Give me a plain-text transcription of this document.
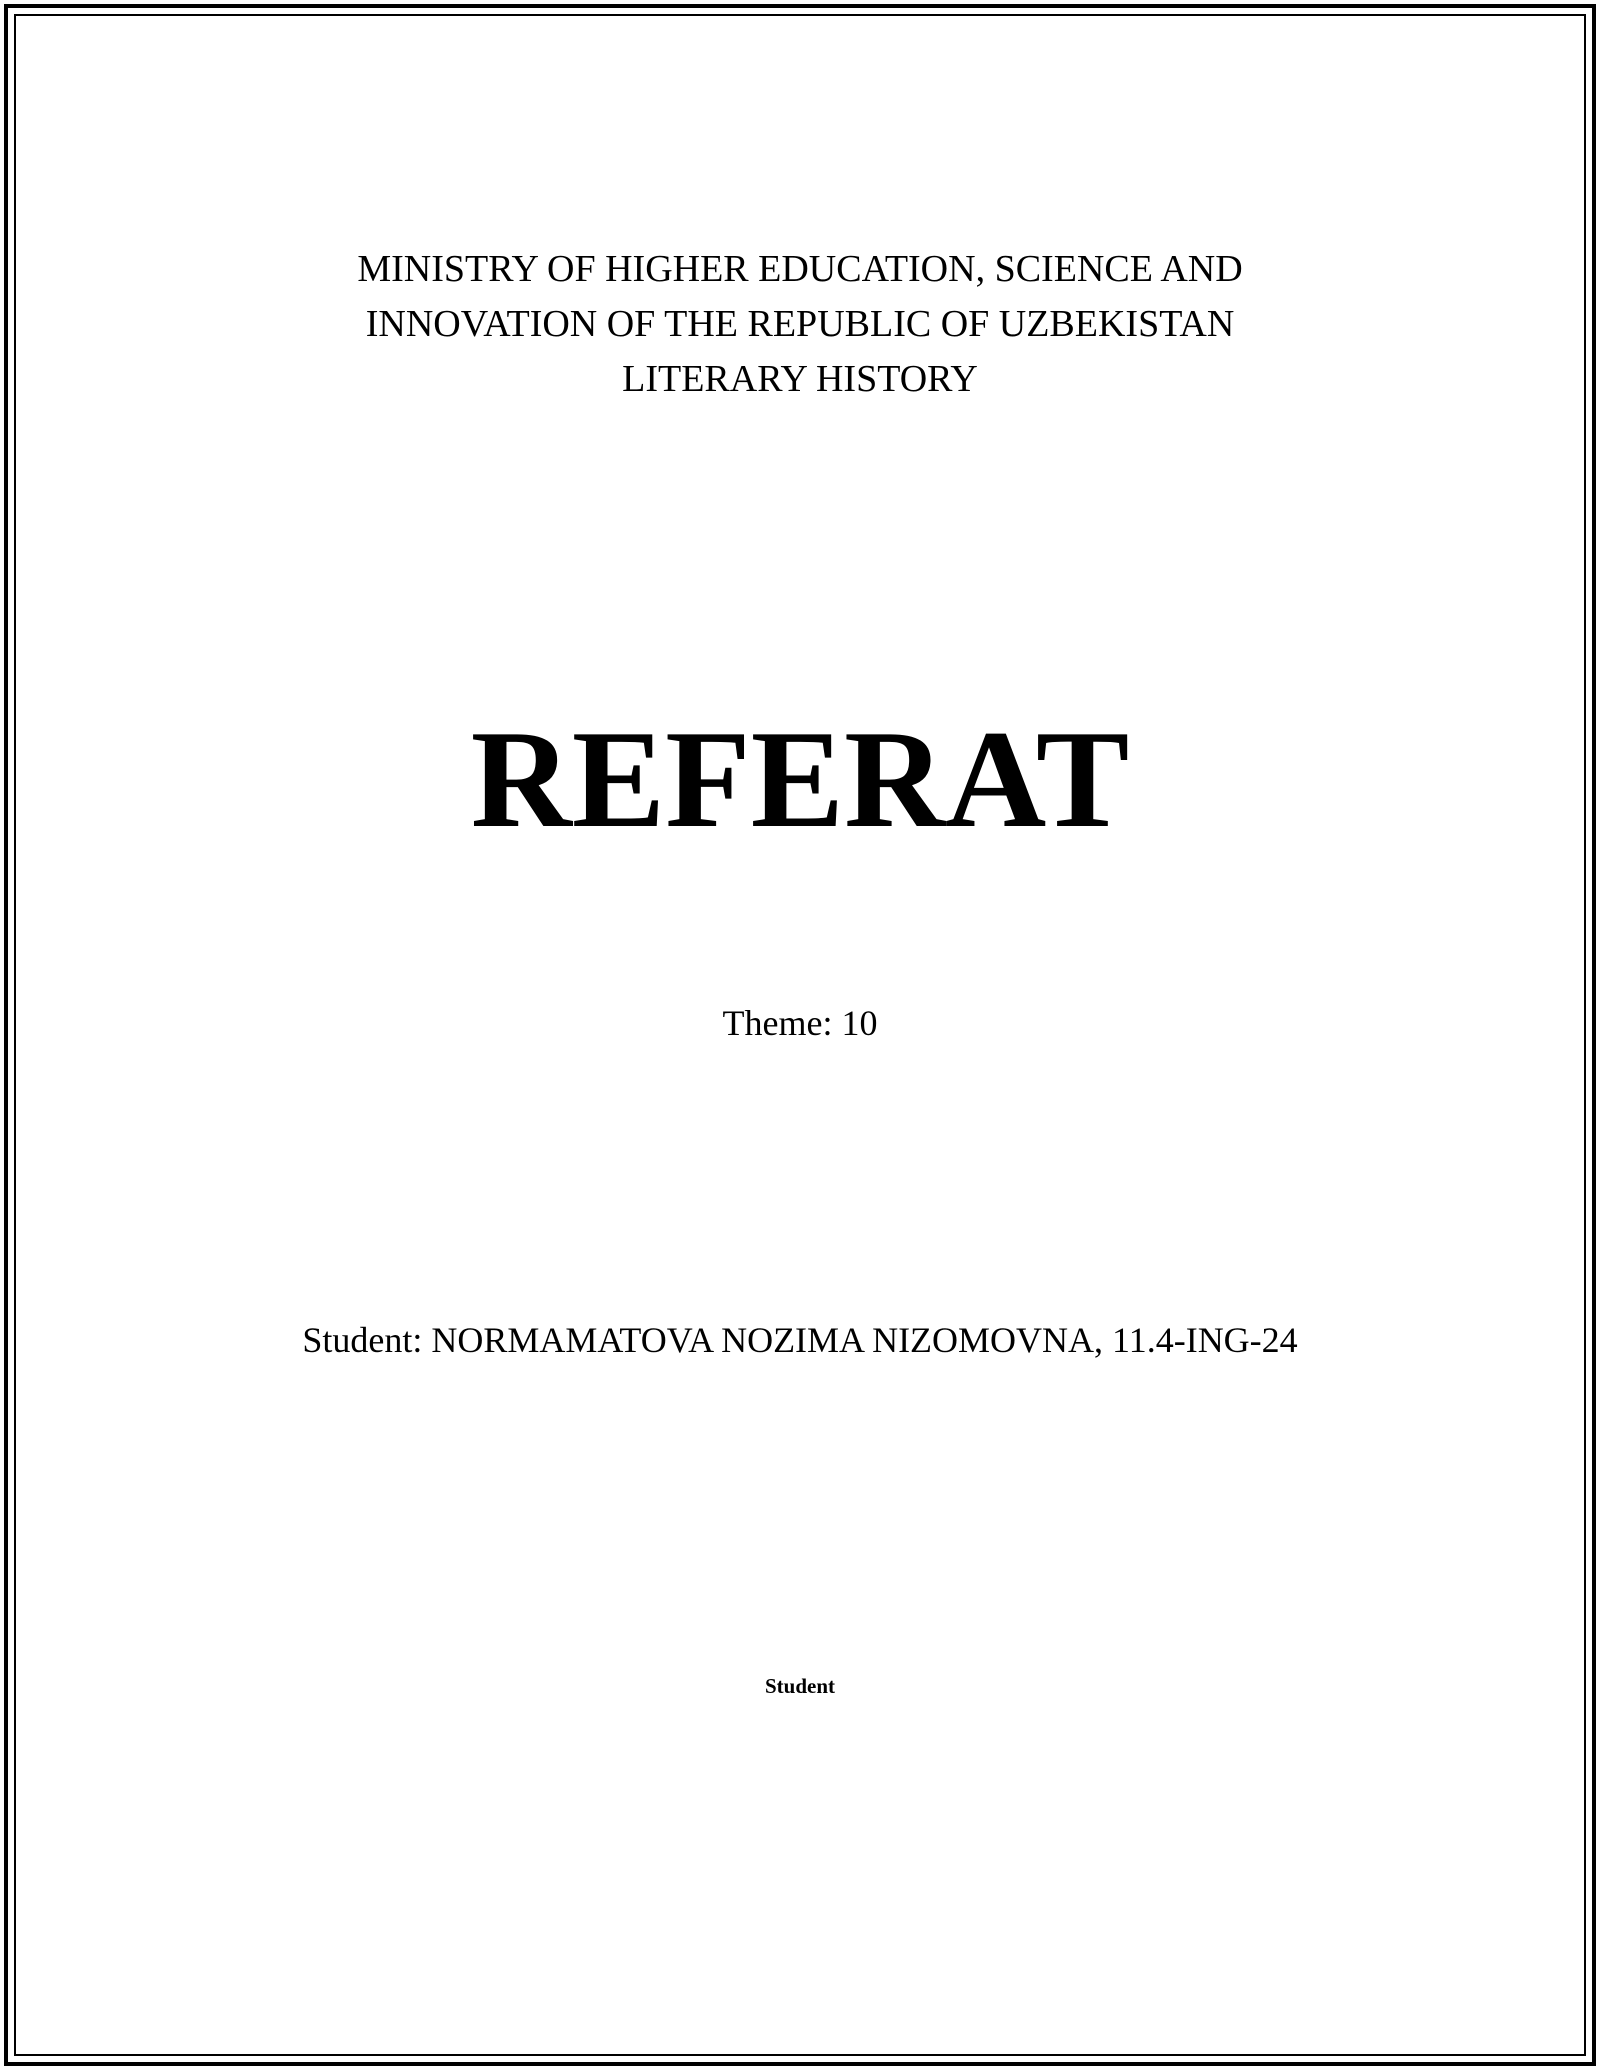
MINISTRY OF HIGHER EDUCATION, SCIENCE AND
INNOVATION OF THE REPUBLIC OF UZBEKISTAN
LITERARY HISTORY
REFERAT
Theme: 10
Student: NORMAMATOVA NOZIMA NIZOMOVNA, 11.4-ING-24
Student
